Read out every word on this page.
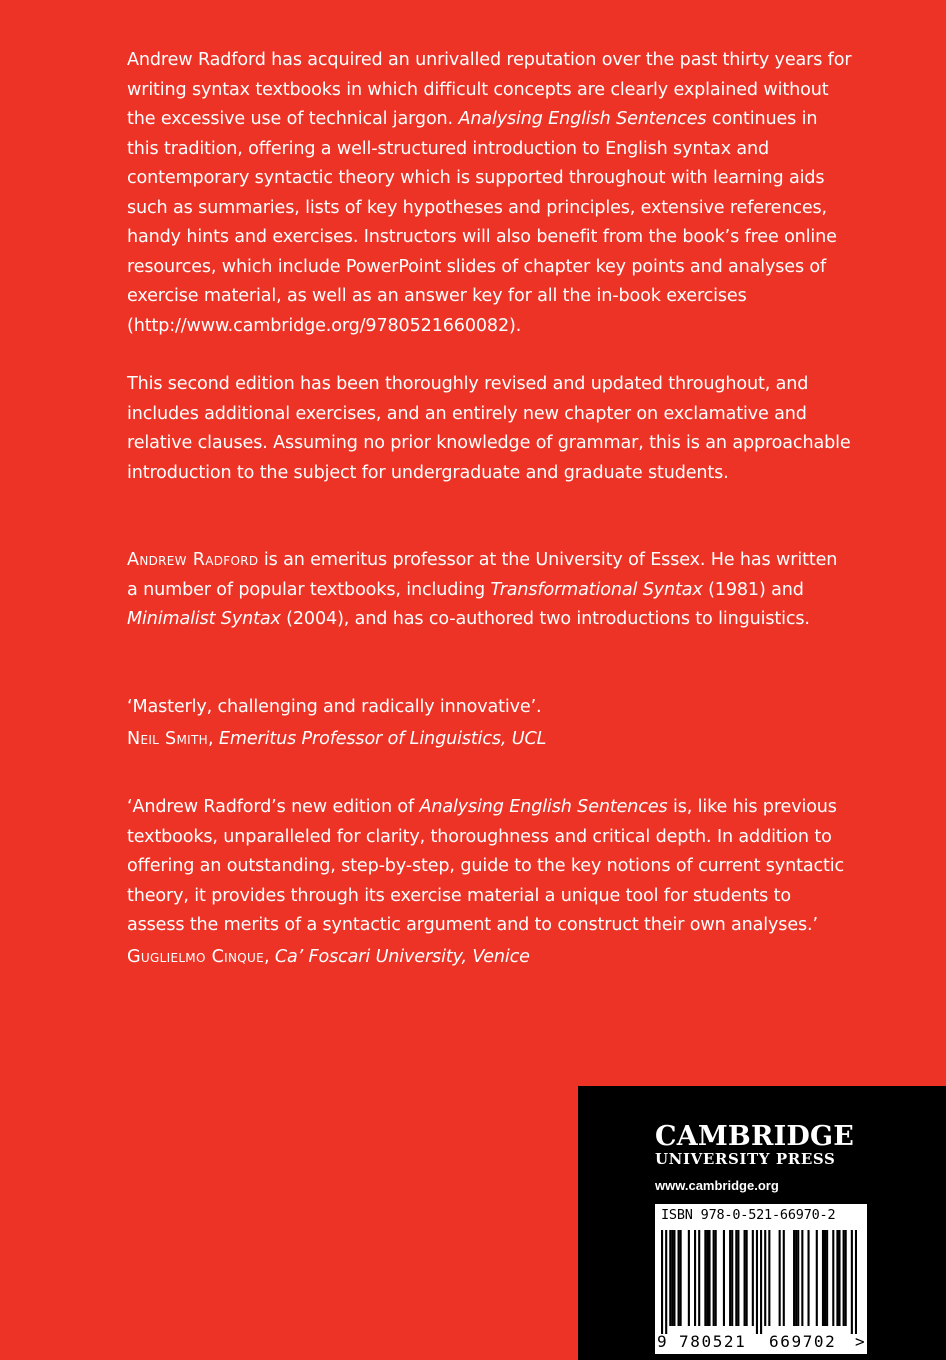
Andrew Radford has acquired an unrivalled reputation over the past thirty years for writing syntax textbooks in which difficult concepts are clearly explained without the excessive use of technical jargon. Analysing English Sentences continues in this tradition, offering a well-structured introduction to English syntax and contemporary syntactic theory which is supported throughout with learning aids such as summaries, lists of key hypotheses and principles, extensive references, handy hints and exercises. Instructors will also benefit from the book’s free online resources, which include PowerPoint slides of chapter key points and analyses of exercise material, as well as an answer key for all the in-book exercises (http://www.cambridge.org/9780521660082).

This second edition has been thoroughly revised and updated throughout, and includes additional exercises, and an entirely new chapter on exclamative and relative clauses. Assuming no prior knowledge of grammar, this is an approachable introduction to the subject for undergraduate and graduate students.

Andrew Radford is an emeritus professor at the University of Essex. He has written a number of popular textbooks, including Transformational Syntax (1981) and Minimalist Syntax (2004), and has co-authored two introductions to linguistics.

‘Masterly, challenging and radically innovative’.

Neil Smith, Emeritus Professor of Linguistics, UCL

‘Andrew Radford’s new edition of Analysing English Sentences is, like his previous textbooks, unparalleled for clarity, thoroughness and critical depth. In addition to offering an outstanding, step-by-step, guide to the key notions of current syntactic theory, it provides through its exercise material a unique tool for students to assess the merits of a syntactic argument and to construct their own analyses.’

Guglielmo Cinque, Ca’ Foscari University, Venice

CAMBRIDGE
UNIVERSITY PRESS
www.cambridge.org
ISBN 978-0-521-66970-2
9 780521 669702 >
